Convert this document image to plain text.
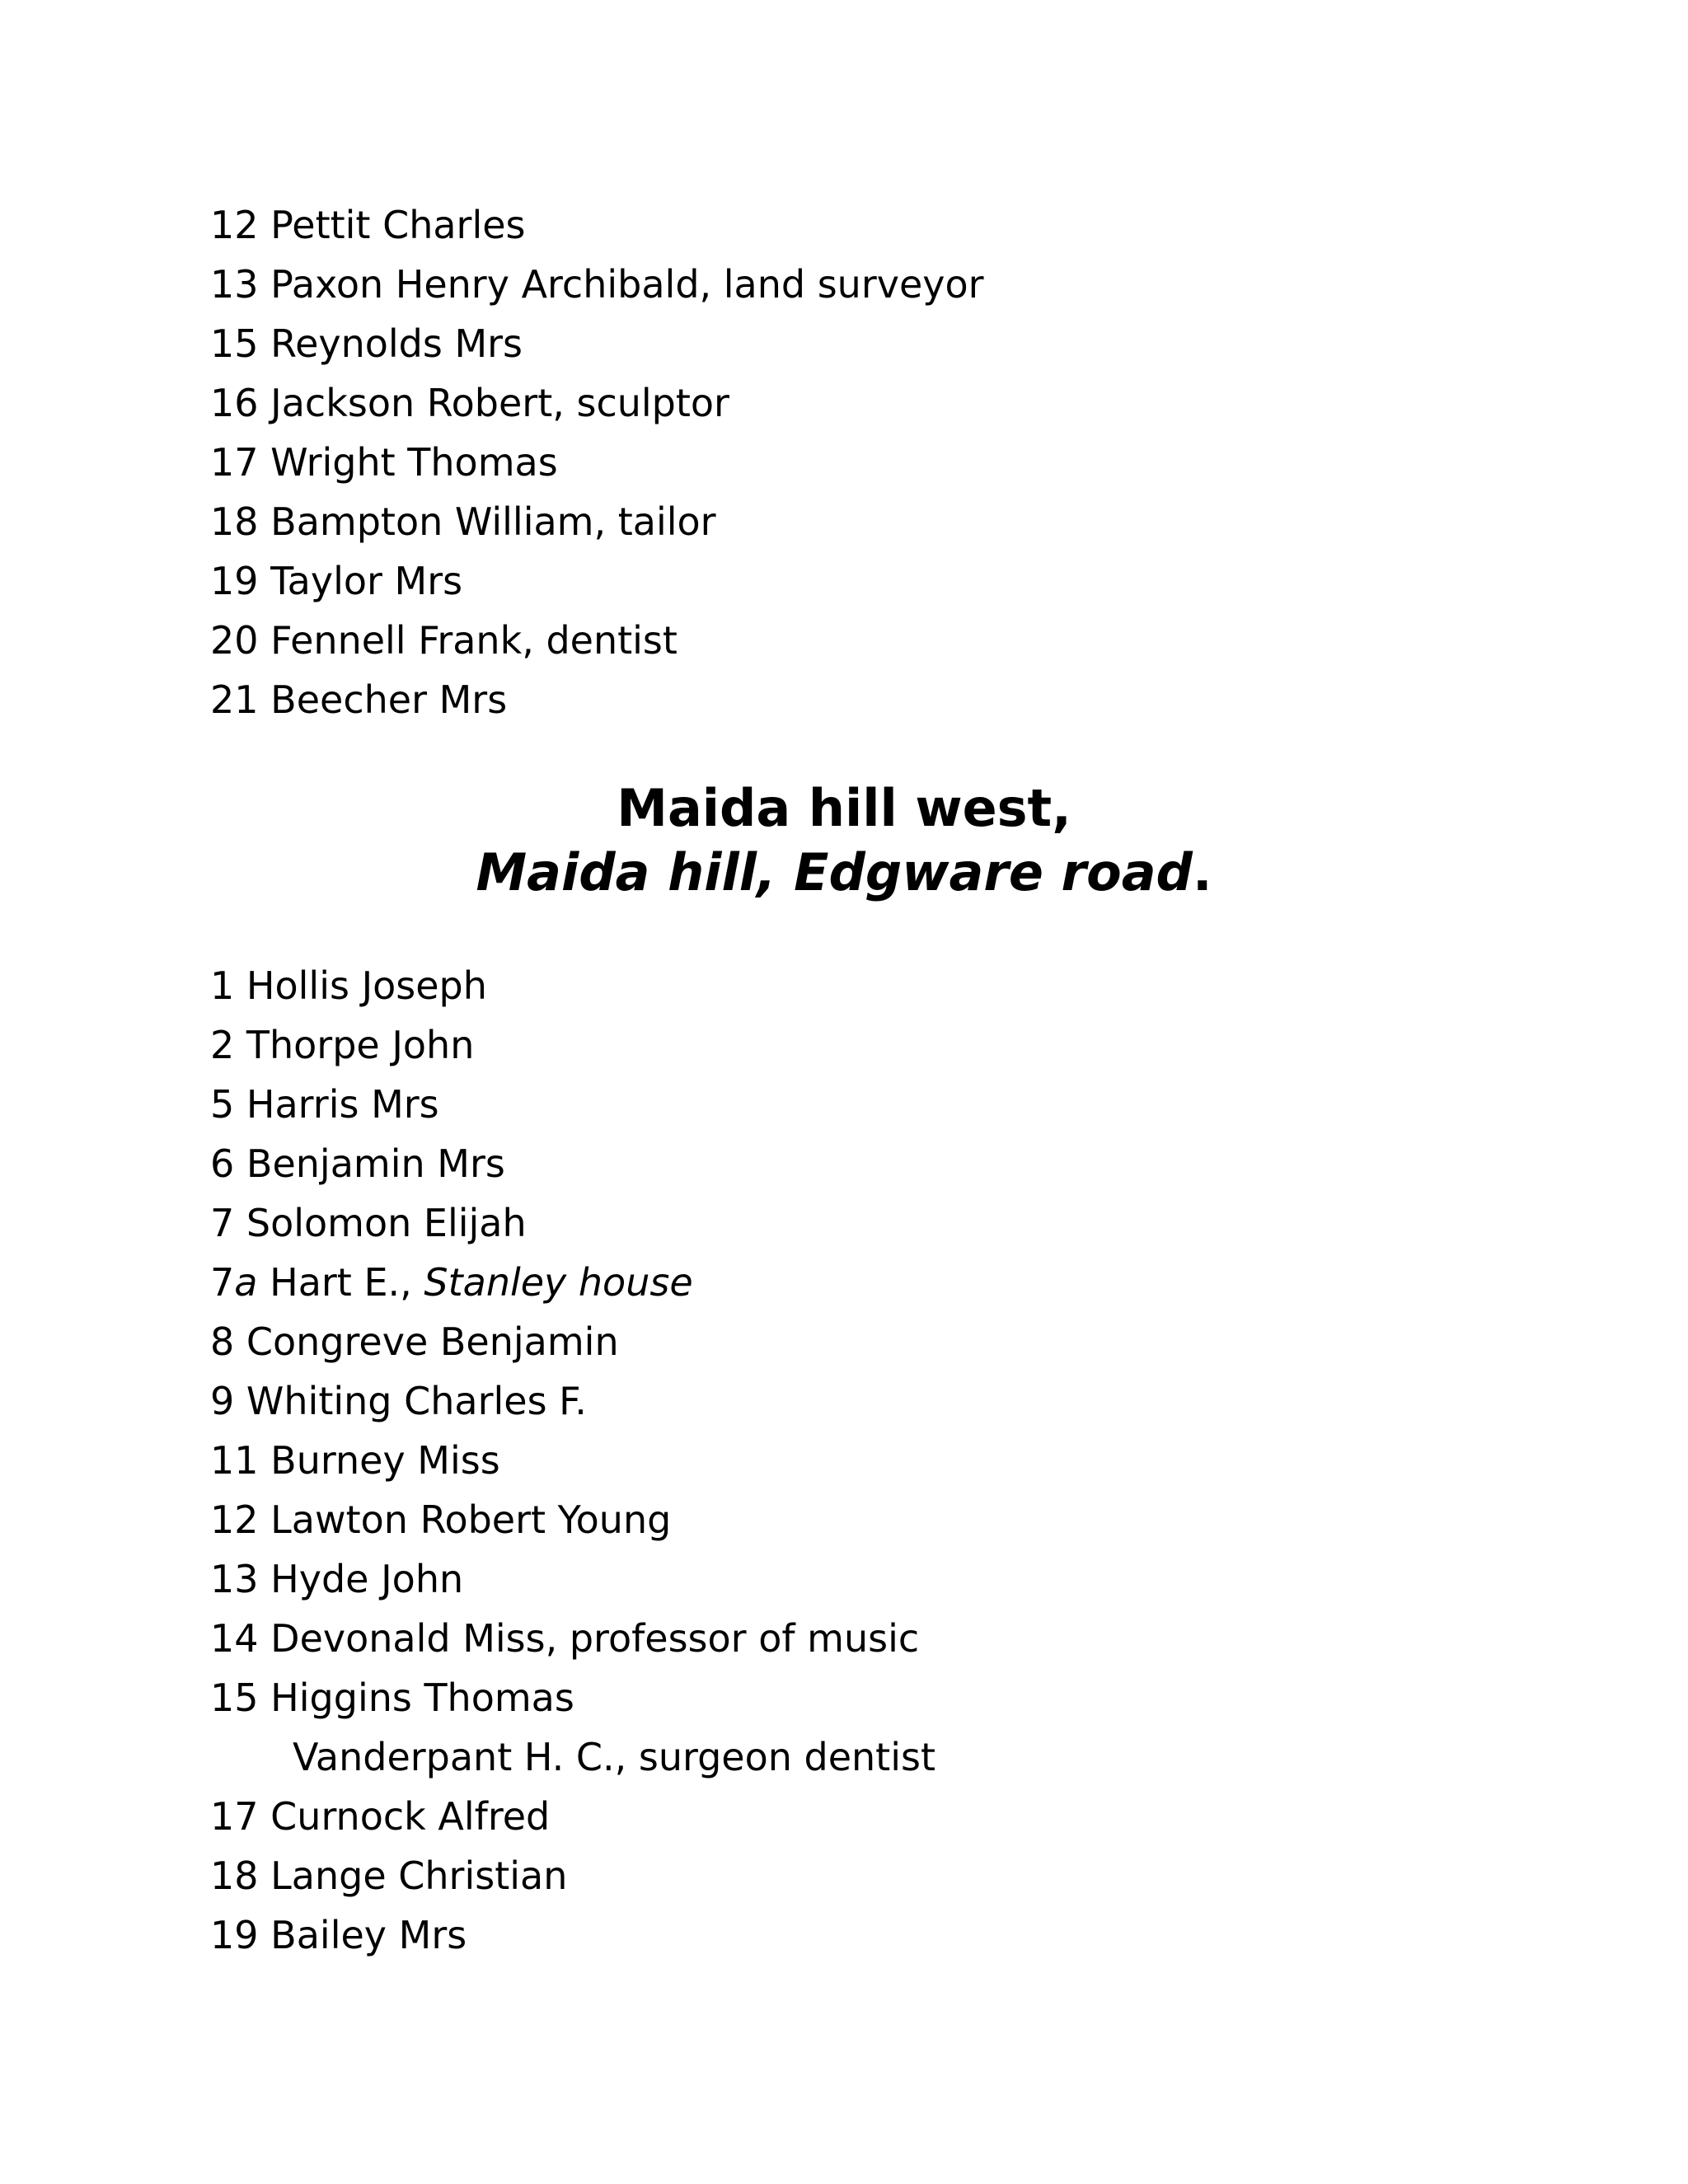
12 Pettit Charles
13 Paxon Henry Archibald, land surveyor
15 Reynolds Mrs
16 Jackson Robert, sculptor
17 Wright Thomas
18 Bampton William, tailor
19 Taylor Mrs
20 Fennell Frank, dentist
21 Beecher Mrs
Maida hill west,
Maida hill, Edgware road.
1 Hollis Joseph
2 Thorpe John
5 Harris Mrs
6 Benjamin Mrs
7 Solomon Elijah
7a Hart E., Stanley house
8 Congreve Benjamin
9 Whiting Charles F.
11 Burney Miss
12 Lawton Robert Young
13 Hyde John
14 Devonald Miss, professor of music
15 Higgins Thomas
Vanderpant H. C., surgeon dentist
17 Curnock Alfred
18 Lange Christian
19 Bailey Mrs
